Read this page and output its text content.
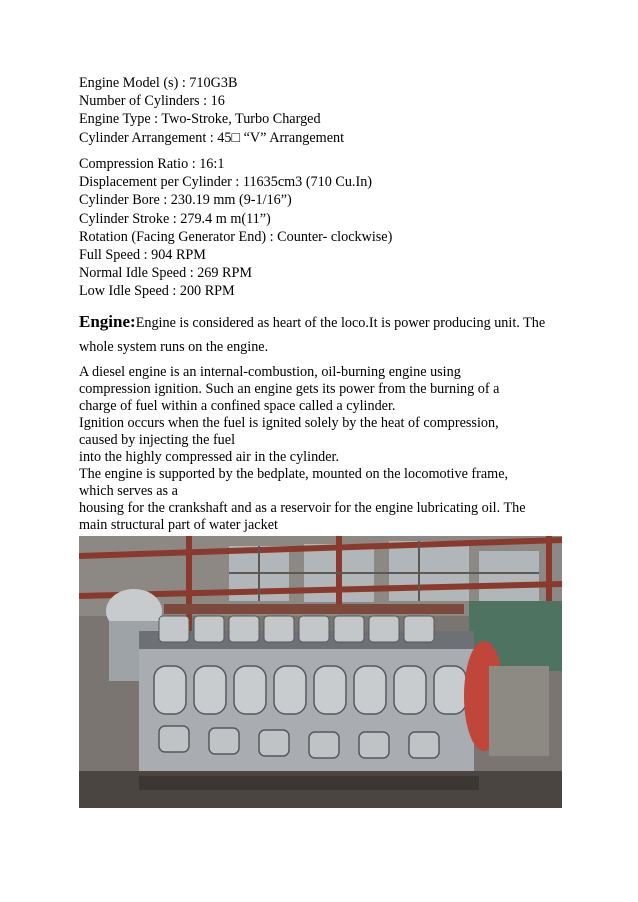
Engine Model (s) : 710G3B
Number of Cylinders : 16
Engine Type : Two-Stroke, Turbo Charged
Cylinder Arrangement : 45□ “V” Arrangement
Compression Ratio : 16:1
Displacement per Cylinder : 11635cm3 (710 Cu.In)
Cylinder Bore : 230.19 mm (9-1/16”)
Cylinder Stroke : 279.4 m m(11”)
Rotation (Facing Generator End) : Counter- clockwise)
Full Speed : 904 RPM
Normal Idle Speed : 269 RPM
Low Idle Speed : 200 RPM
Engine:Engine is considered as heart of the loco.It is power producing unit. The whole system runs on the engine.
A diesel engine is an internal-combustion, oil-burning engine using
compression ignition. Such an engine gets its power from the burning of a
charge of fuel within a confined space called a cylinder.
Ignition occurs when the fuel is ignited solely by the heat of compression,
caused by injecting the fuel
into the highly compressed air in the cylinder.
The engine is supported by the bedplate, mounted on the locomotive frame,
which serves as a
housing for the crankshaft and as a reservoir for the engine lubricating oil. The
main structural part of water jacket
